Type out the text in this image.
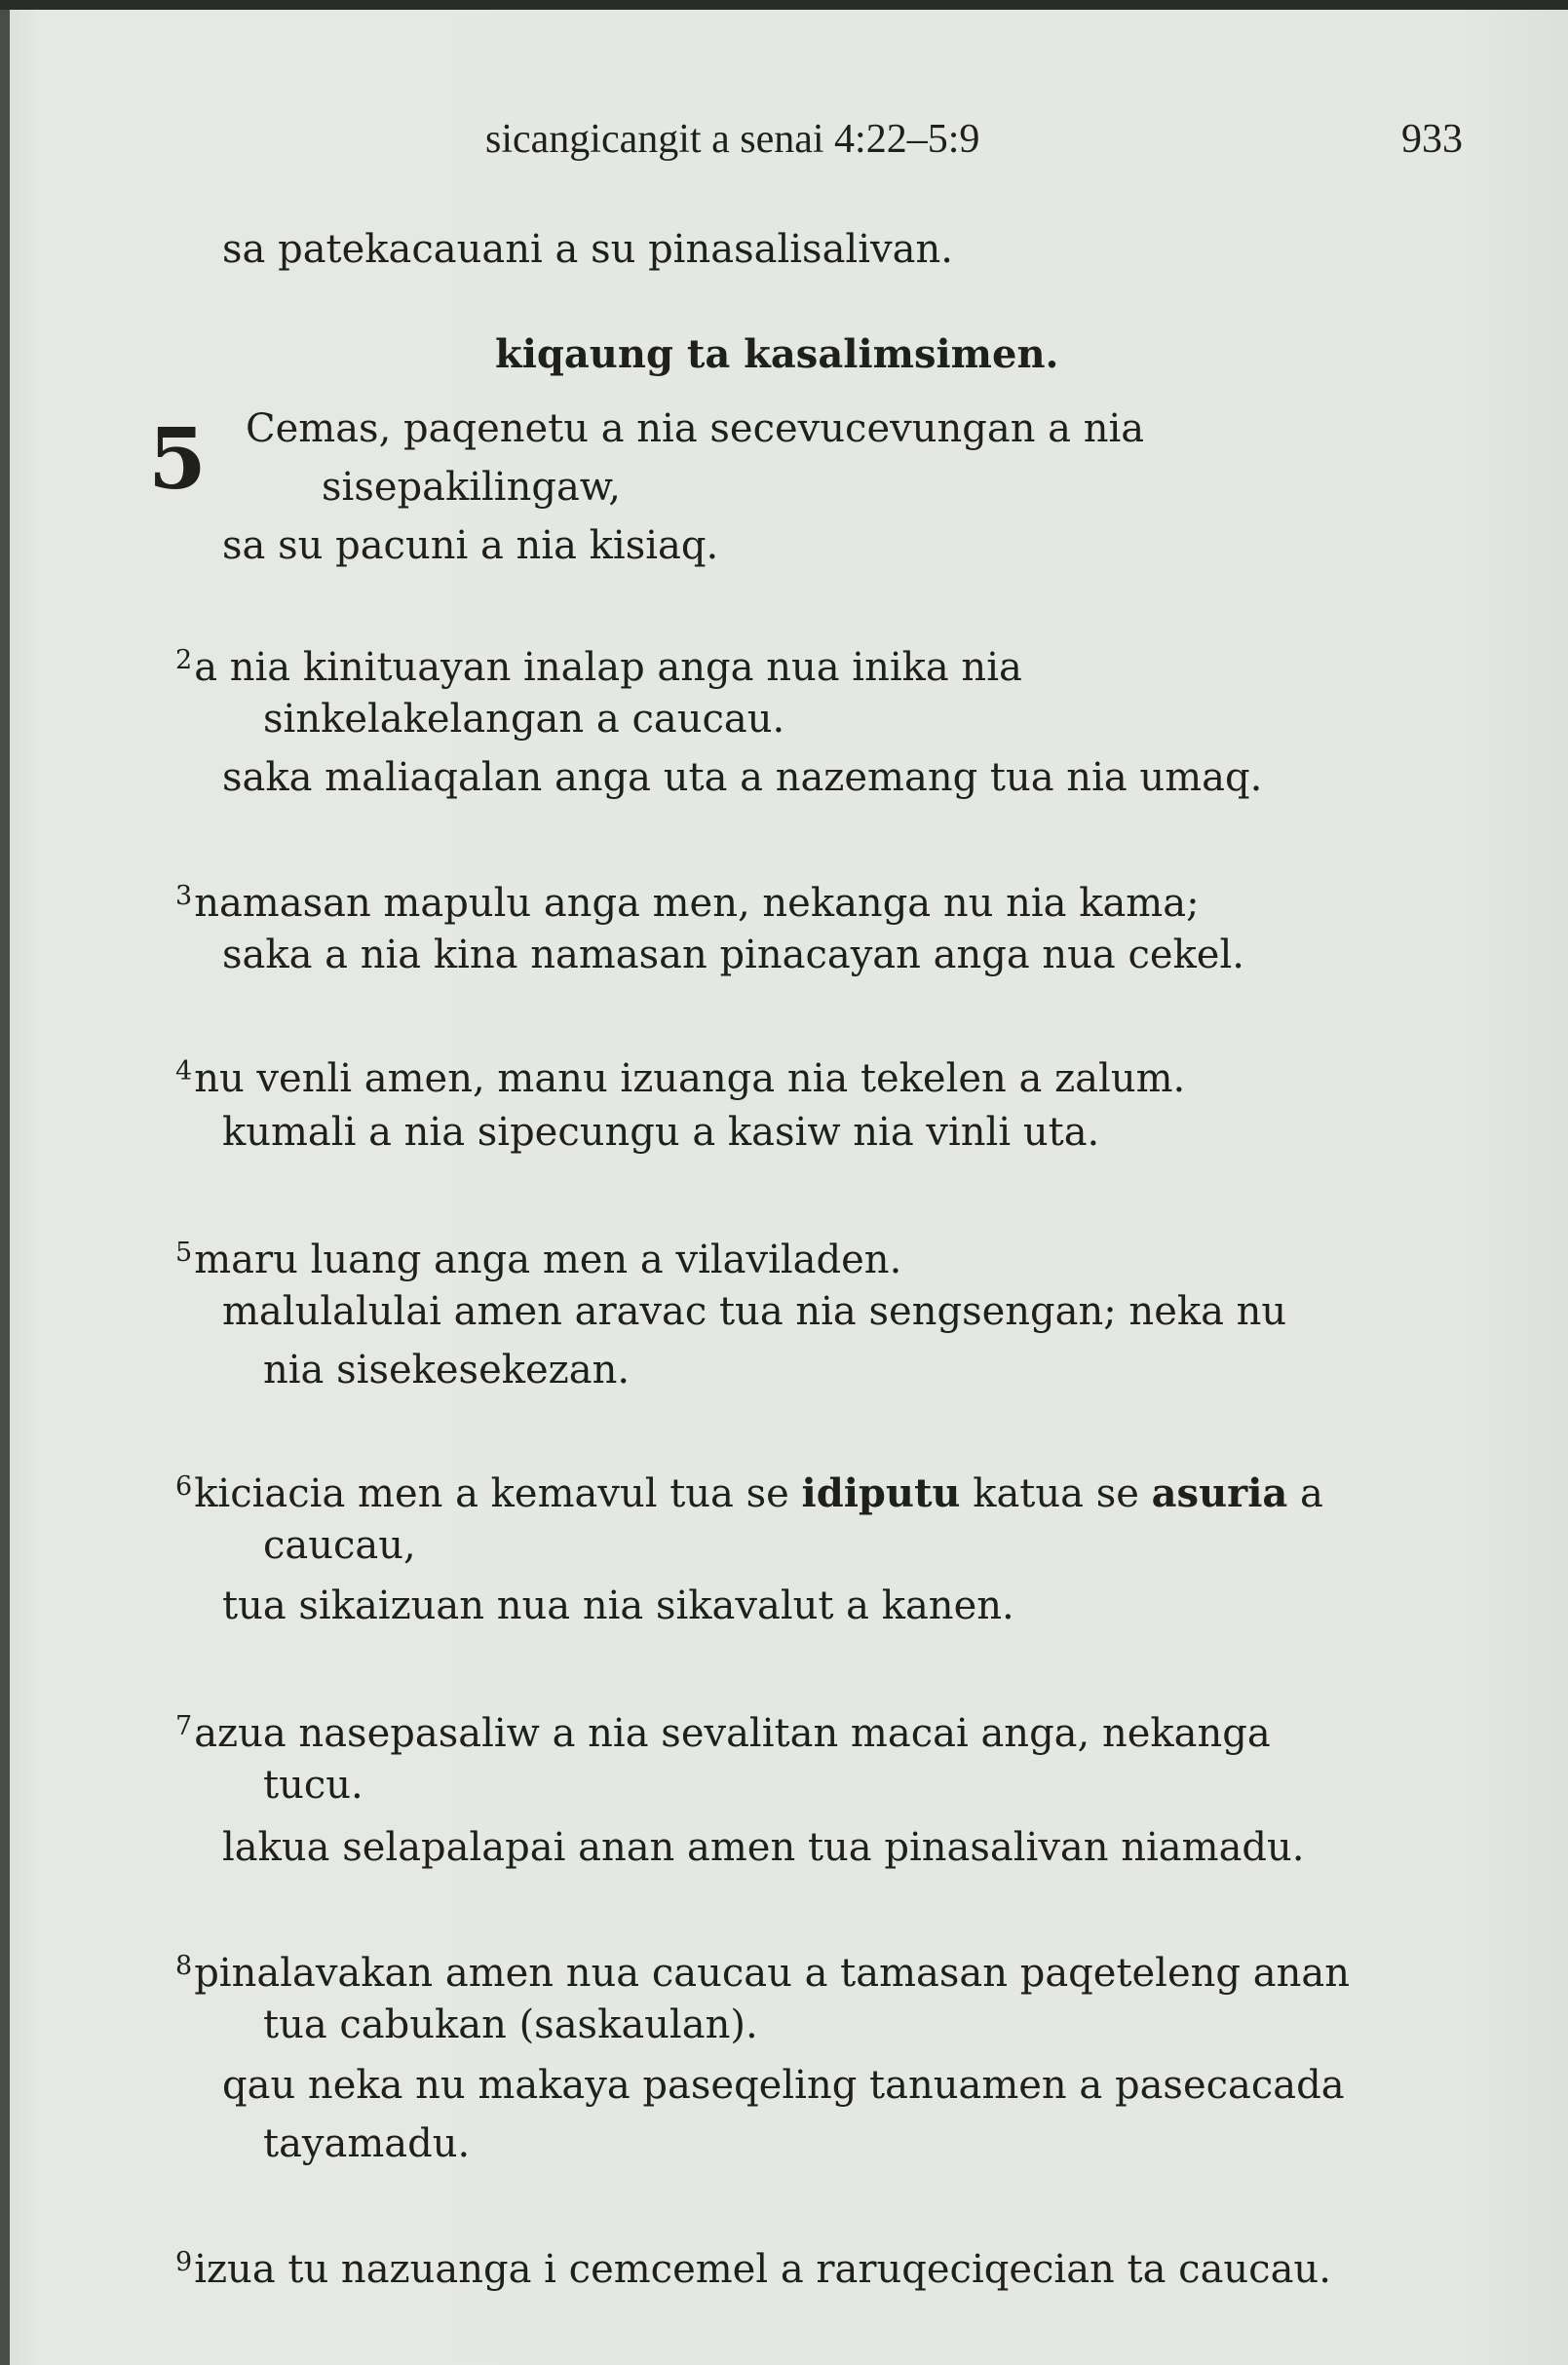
sicangicangit a senai 4:22–5:9	933
sa patekacauani a su pinasalisalivan.
kiqaung ta kasalimsimen.
5 Cemas, paqenetu a nia secevucevungan a nia
sisepakilingaw,
sa su pacuni a nia kisiaq.
$^2$a nia kinituayan inalap anga nua inika nia
sinkelakelangan a caucau.
saka maliaqalan anga uta a nazemang tua nia umaq.
$^3$namasan mapulu anga men, nekanga nu nia kama;
saka a nia kina namasan pinacayan anga nua cekel.
$^4$nu venli amen, manu izuanga nia tekelen a zalum.
kumali a nia sipecungu a kasiw nia vinli uta.
$^5$maru luang anga men a vilaviladen.
malulalulai amen aravac tua nia sengsengan; neka nu
nia sisekesekezan.
$^6$kiciacia men a kemavul tua se idiputu katua se asuria a
caucau,
tua sikaizuan nua nia sikavalut a kanen.
$^7$azua nasepasaliw a nia sevalitan macai anga, nekanga
tucu.
lakua selapalapai anan amen tua pinasalivan niamadu.
$^8$pinalavakan amen nua caucau a tamasan paqeteleng anan
tua cabukan (saskaulan).
qau neka nu makaya paseqeling tanuamen a pasecacada
tayamadu.
$^9$izua tu nazuanga i cemcemel a raruqeciqecian ta caucau.
